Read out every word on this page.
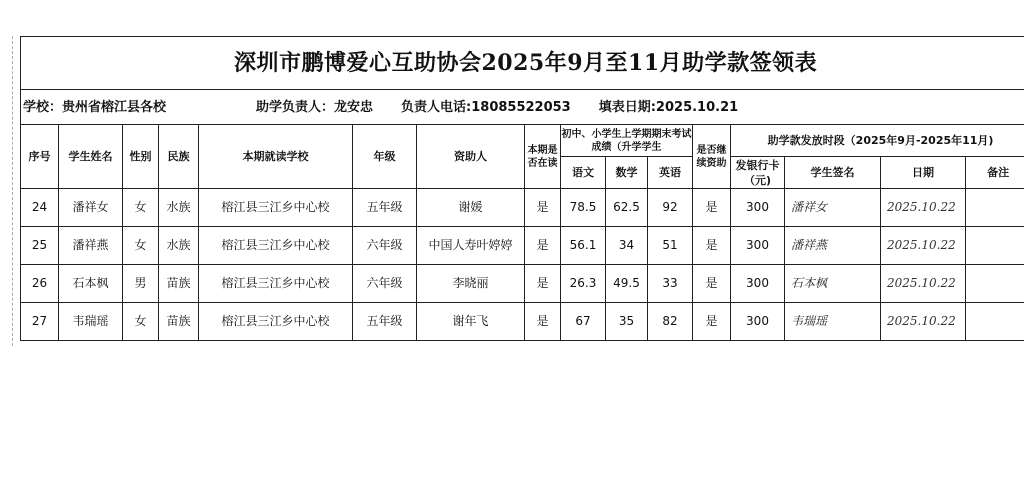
深圳市鹏博爱心互助协会2025年9月至11月助学款签领表															
学校：贵州省榕江县各校 助学负责人：龙安忠 负责人电话:18085522053 填表日期:2025.10.21															
序号	学生姓名	性别	民族	本期就读学校	年级	资助人	本期是否在读	初中、小学生上学期期末考试成绩（升学学生			是否继续资助	助学款发放时段（2025年9月-2025年11月)			
								语文	数学	英语		发银行卡（元)	学生签名	日期	备注
24	潘祥女	女	水族	榕江县三江乡中心校	五年级	谢媛	是	78.5	62.5	92	是	300	潘祥女	2025.10.22	
25	潘祥燕	女	水族	榕江县三江乡中心校	六年级	中国人寿叶婷婷	是	56.1	34	51	是	300	潘祥燕	2025.10.22	
26	石本枫	男	苗族	榕江县三江乡中心校	六年级	李晓丽	是	26.3	49.5	33	是	300	石本枫	2025.10.22	
27	韦瑞瑶	女	苗族	榕江县三江乡中心校	五年级	谢年飞	是	67	35	82	是	300	韦瑞瑶	2025.10.22	
